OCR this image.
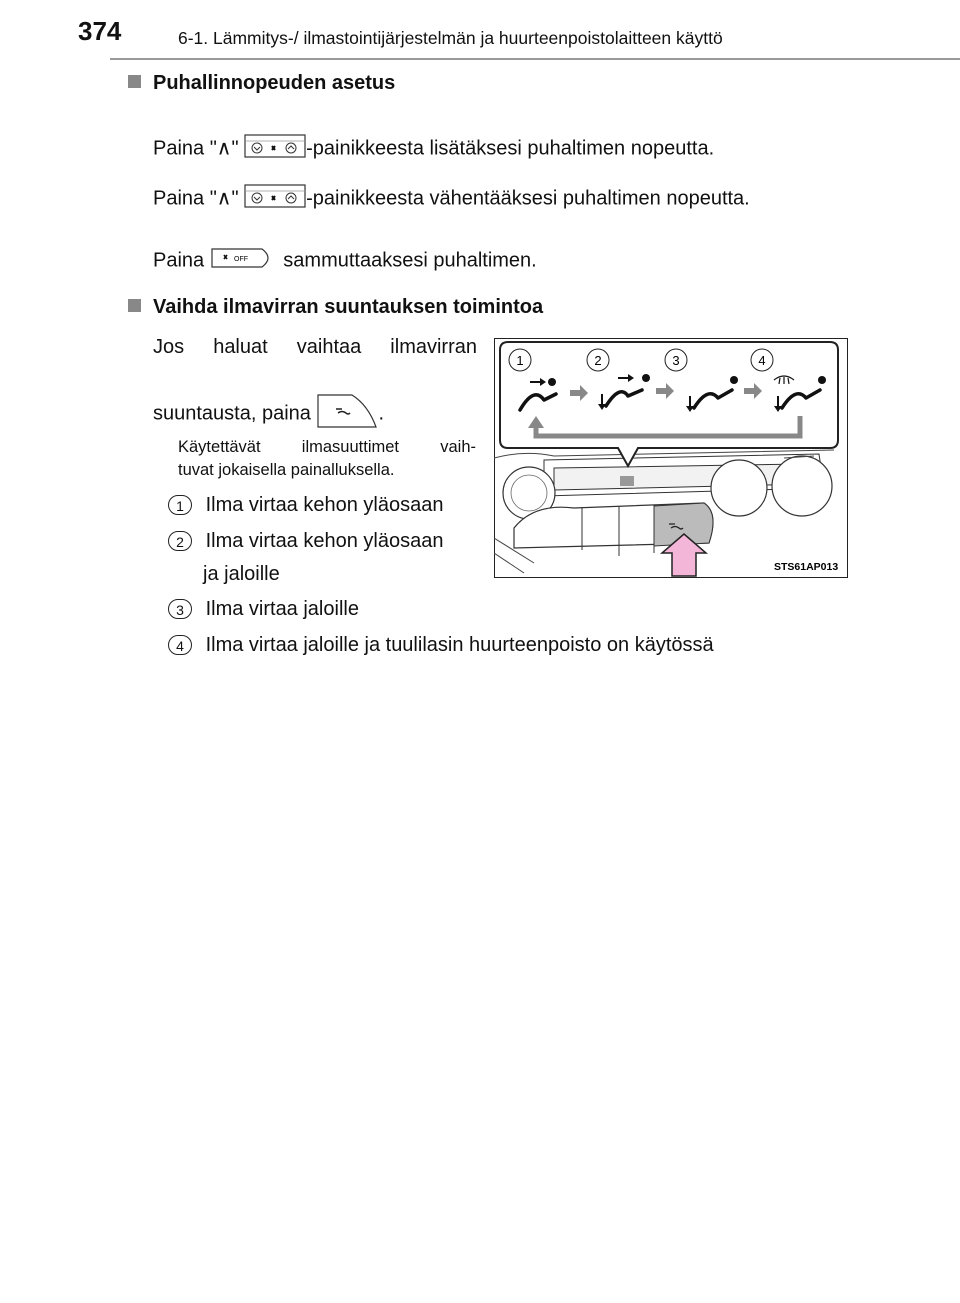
374	6-1. Lämmitys-/ ilmastointijärjestelmän ja huurteenpoistolaitteen käyttö
Puhallinnopeuden asetus
Paina "∧"	-painikkeesta lisätäksesi puhaltimen nopeutta.
Paina "∧"	-painikkeesta vähentääksesi puhaltimen nopeutta.
Paina	OFF sammuttaaksesi puhaltimen.
Vaihda ilmavirran suuntauksen toimintoa
Jos haluat vaihtaa ilmavirran
suuntausta, paina	.
Käytettävät ilmasuuttimet vaih-
tuvat jokaisella painalluksella.
1 Ilma virtaa kehon yläosaan
2 Ilma virtaa kehon yläosaan
ja jaloille
3 Ilma virtaa jaloille
4 Ilma virtaa jaloille ja tuulilasin huurteenpoisto on käytössä
1	2	3	4
STS61AP013
